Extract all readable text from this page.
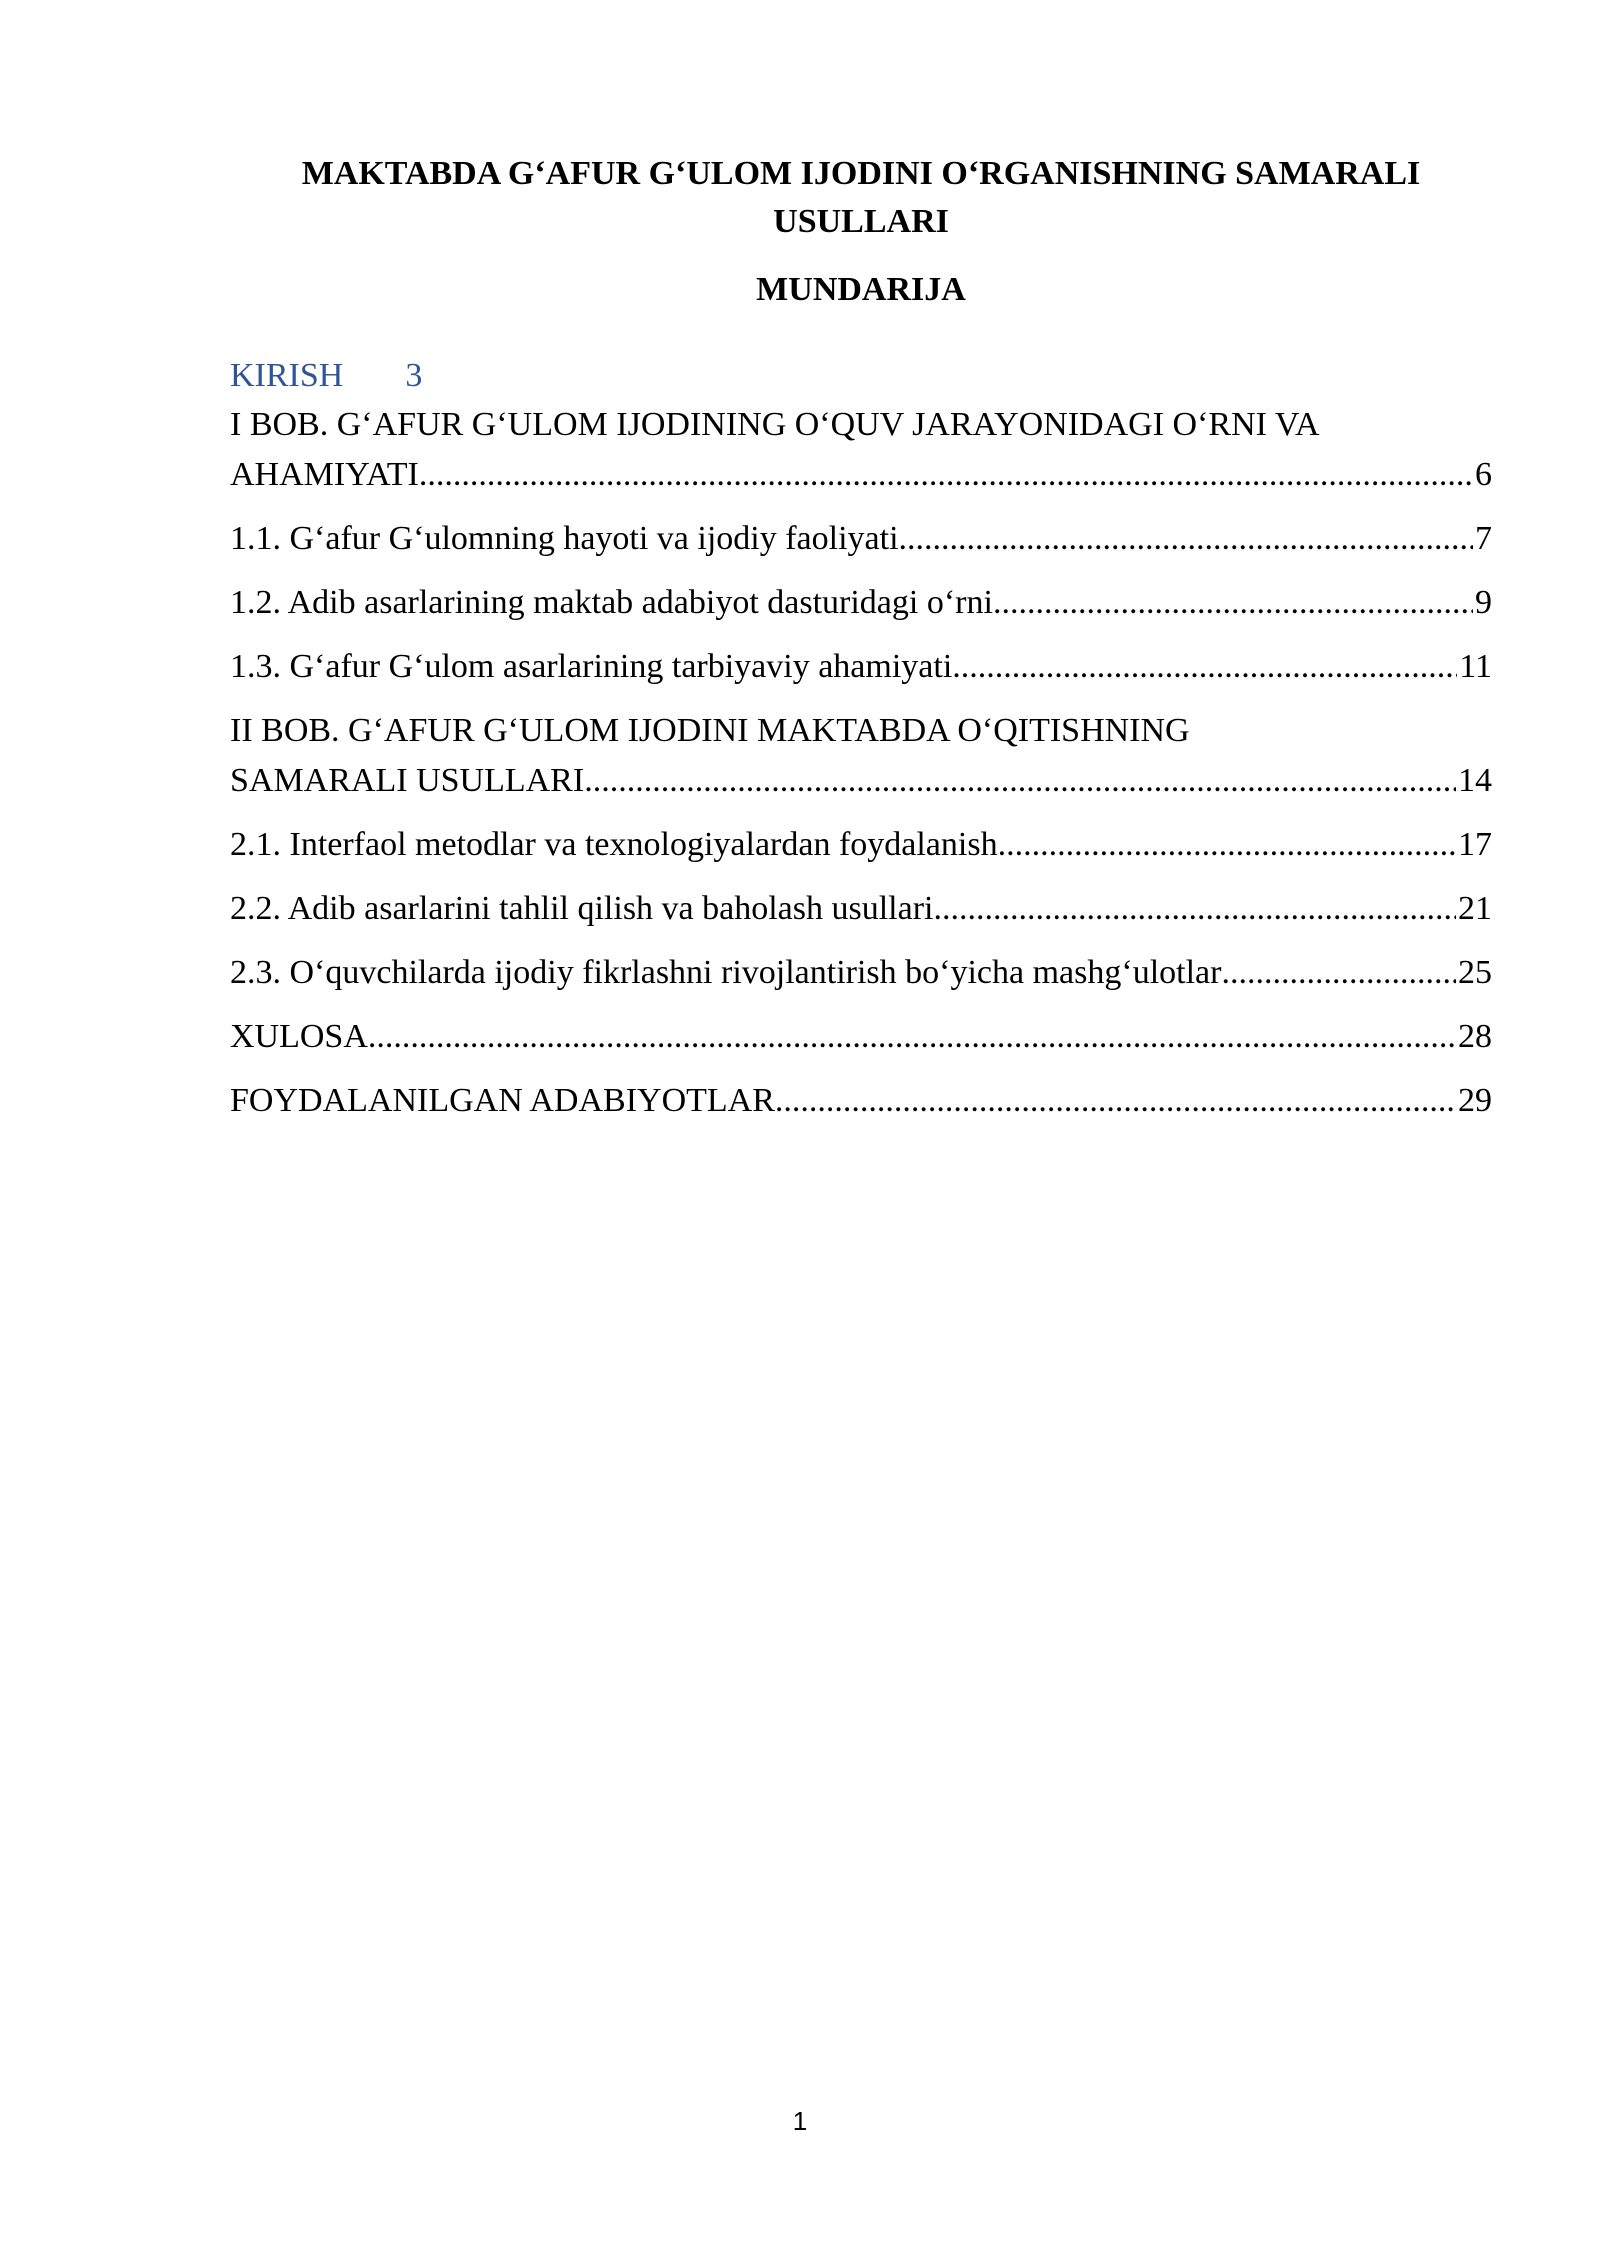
MAKTABDA G‘AFUR G‘ULOM IJODINI O‘RGANISHNING SAMARALI
USULLARI
MUNDARIJA
KIRISH 3
I BOB. G‘AFUR G‘ULOM IJODINING O‘QUV JARAYONIDAGI O‘RNI VA
AHAMIYATI .....	6
1.1. G‘afur G‘ulomning hayoti va ijodiy faoliyati .....	7
1.2. Adib asarlarining maktab adabiyot dasturidagi o‘rni .....	9
1.3. G‘afur G‘ulom asarlarining tarbiyaviy ahamiyati .....	11
II BOB. G‘AFUR G‘ULOM IJODINI MAKTABDA O‘QITISHNING
SAMARALI USULLARI .....	14
2.1. Interfaol metodlar va texnologiyalardan foydalanish .....	17
2.2. Adib asarlarini tahlil qilish va baholash usullari .....	21
2.3. O‘quvchilarda ijodiy fikrlashni rivojlantirish bo‘yicha mashg‘ulotlar .....	25
XULOSA .....	28
FOYDALANILGAN ADABIYOTLAR .....	29
1
